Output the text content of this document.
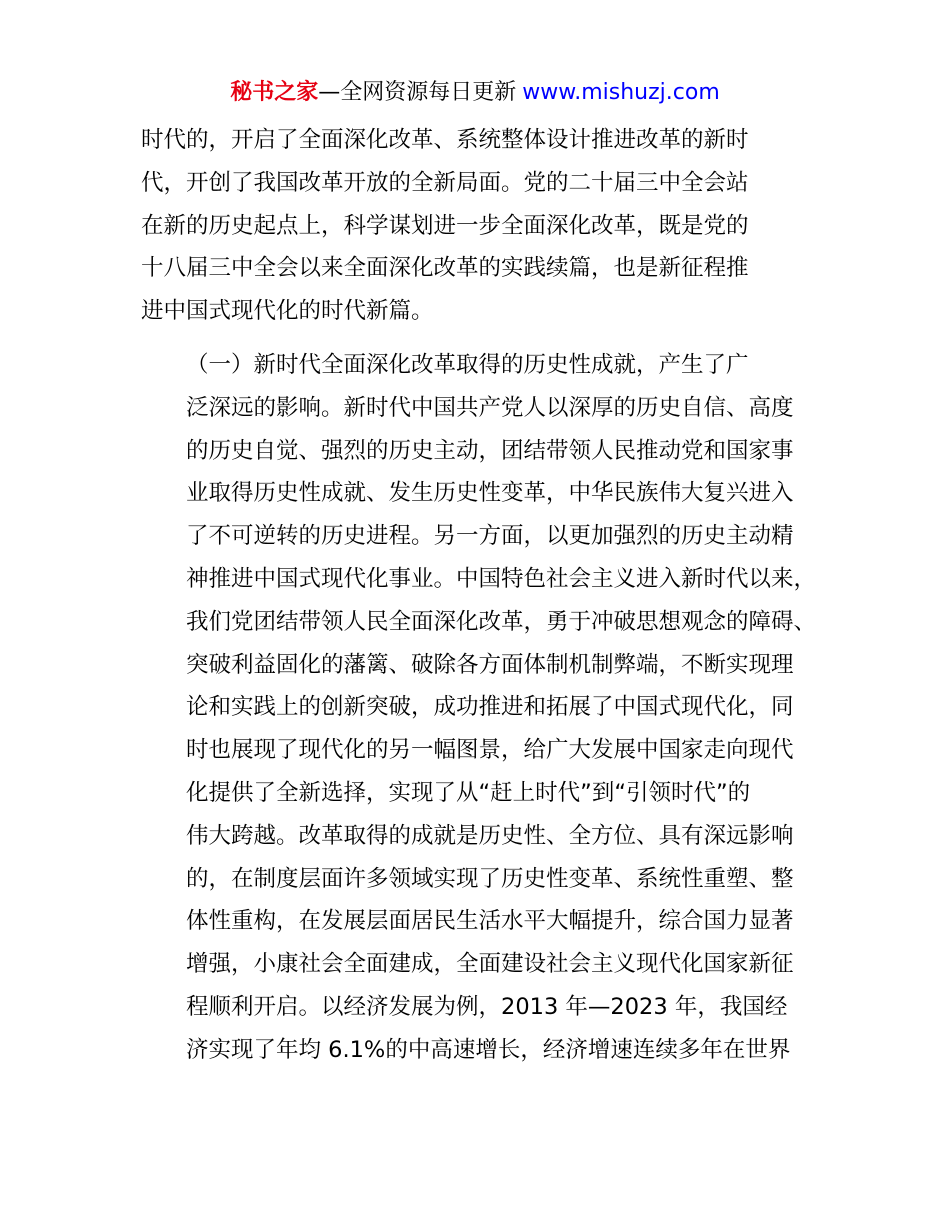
秘书之家—全网资源每日更新 www.mishuzj.com

时代的，开启了全面深化改革、系统整体设计推进改革的新时
代，开创了我国改革开放的全新局面。党的二十届三中全会站
在新的历史起点上，科学谋划进一步全面深化改革，既是党的
十八届三中全会以来全面深化改革的实践续篇，也是新征程推
进中国式现代化的时代新篇。

（一）新时代全面深化改革取得的历史性成就，产生了广
泛深远的影响。新时代中国共产党人以深厚的历史自信、高度
的历史自觉、强烈的历史主动，团结带领人民推动党和国家事
业取得历史性成就、发生历史性变革，中华民族伟大复兴进入
了不可逆转的历史进程。另一方面，以更加强烈的历史主动精
神推进中国式现代化事业。中国特色社会主义进入新时代以来，
我们党团结带领人民全面深化改革，勇于冲破思想观念的障碍、
突破利益固化的藩篱、破除各方面体制机制弊端，不断实现理
论和实践上的创新突破，成功推进和拓展了中国式现代化，同
时也展现了现代化的另一幅图景，给广大发展中国家走向现代
化提供了全新选择，实现了从“赶上时代”到“引领时代”的
伟大跨越。改革取得的成就是历史性、全方位、具有深远影响
的，在制度层面许多领域实现了历史性变革、系统性重塑、整
体性重构，在发展层面居民生活水平大幅提升，综合国力显著
增强，小康社会全面建成，全面建设社会主义现代化国家新征
程顺利开启。以经济发展为例，2013 年—2023 年，我国经
济实现了年均 6.1%的中高速增长，经济增速连续多年在世界
